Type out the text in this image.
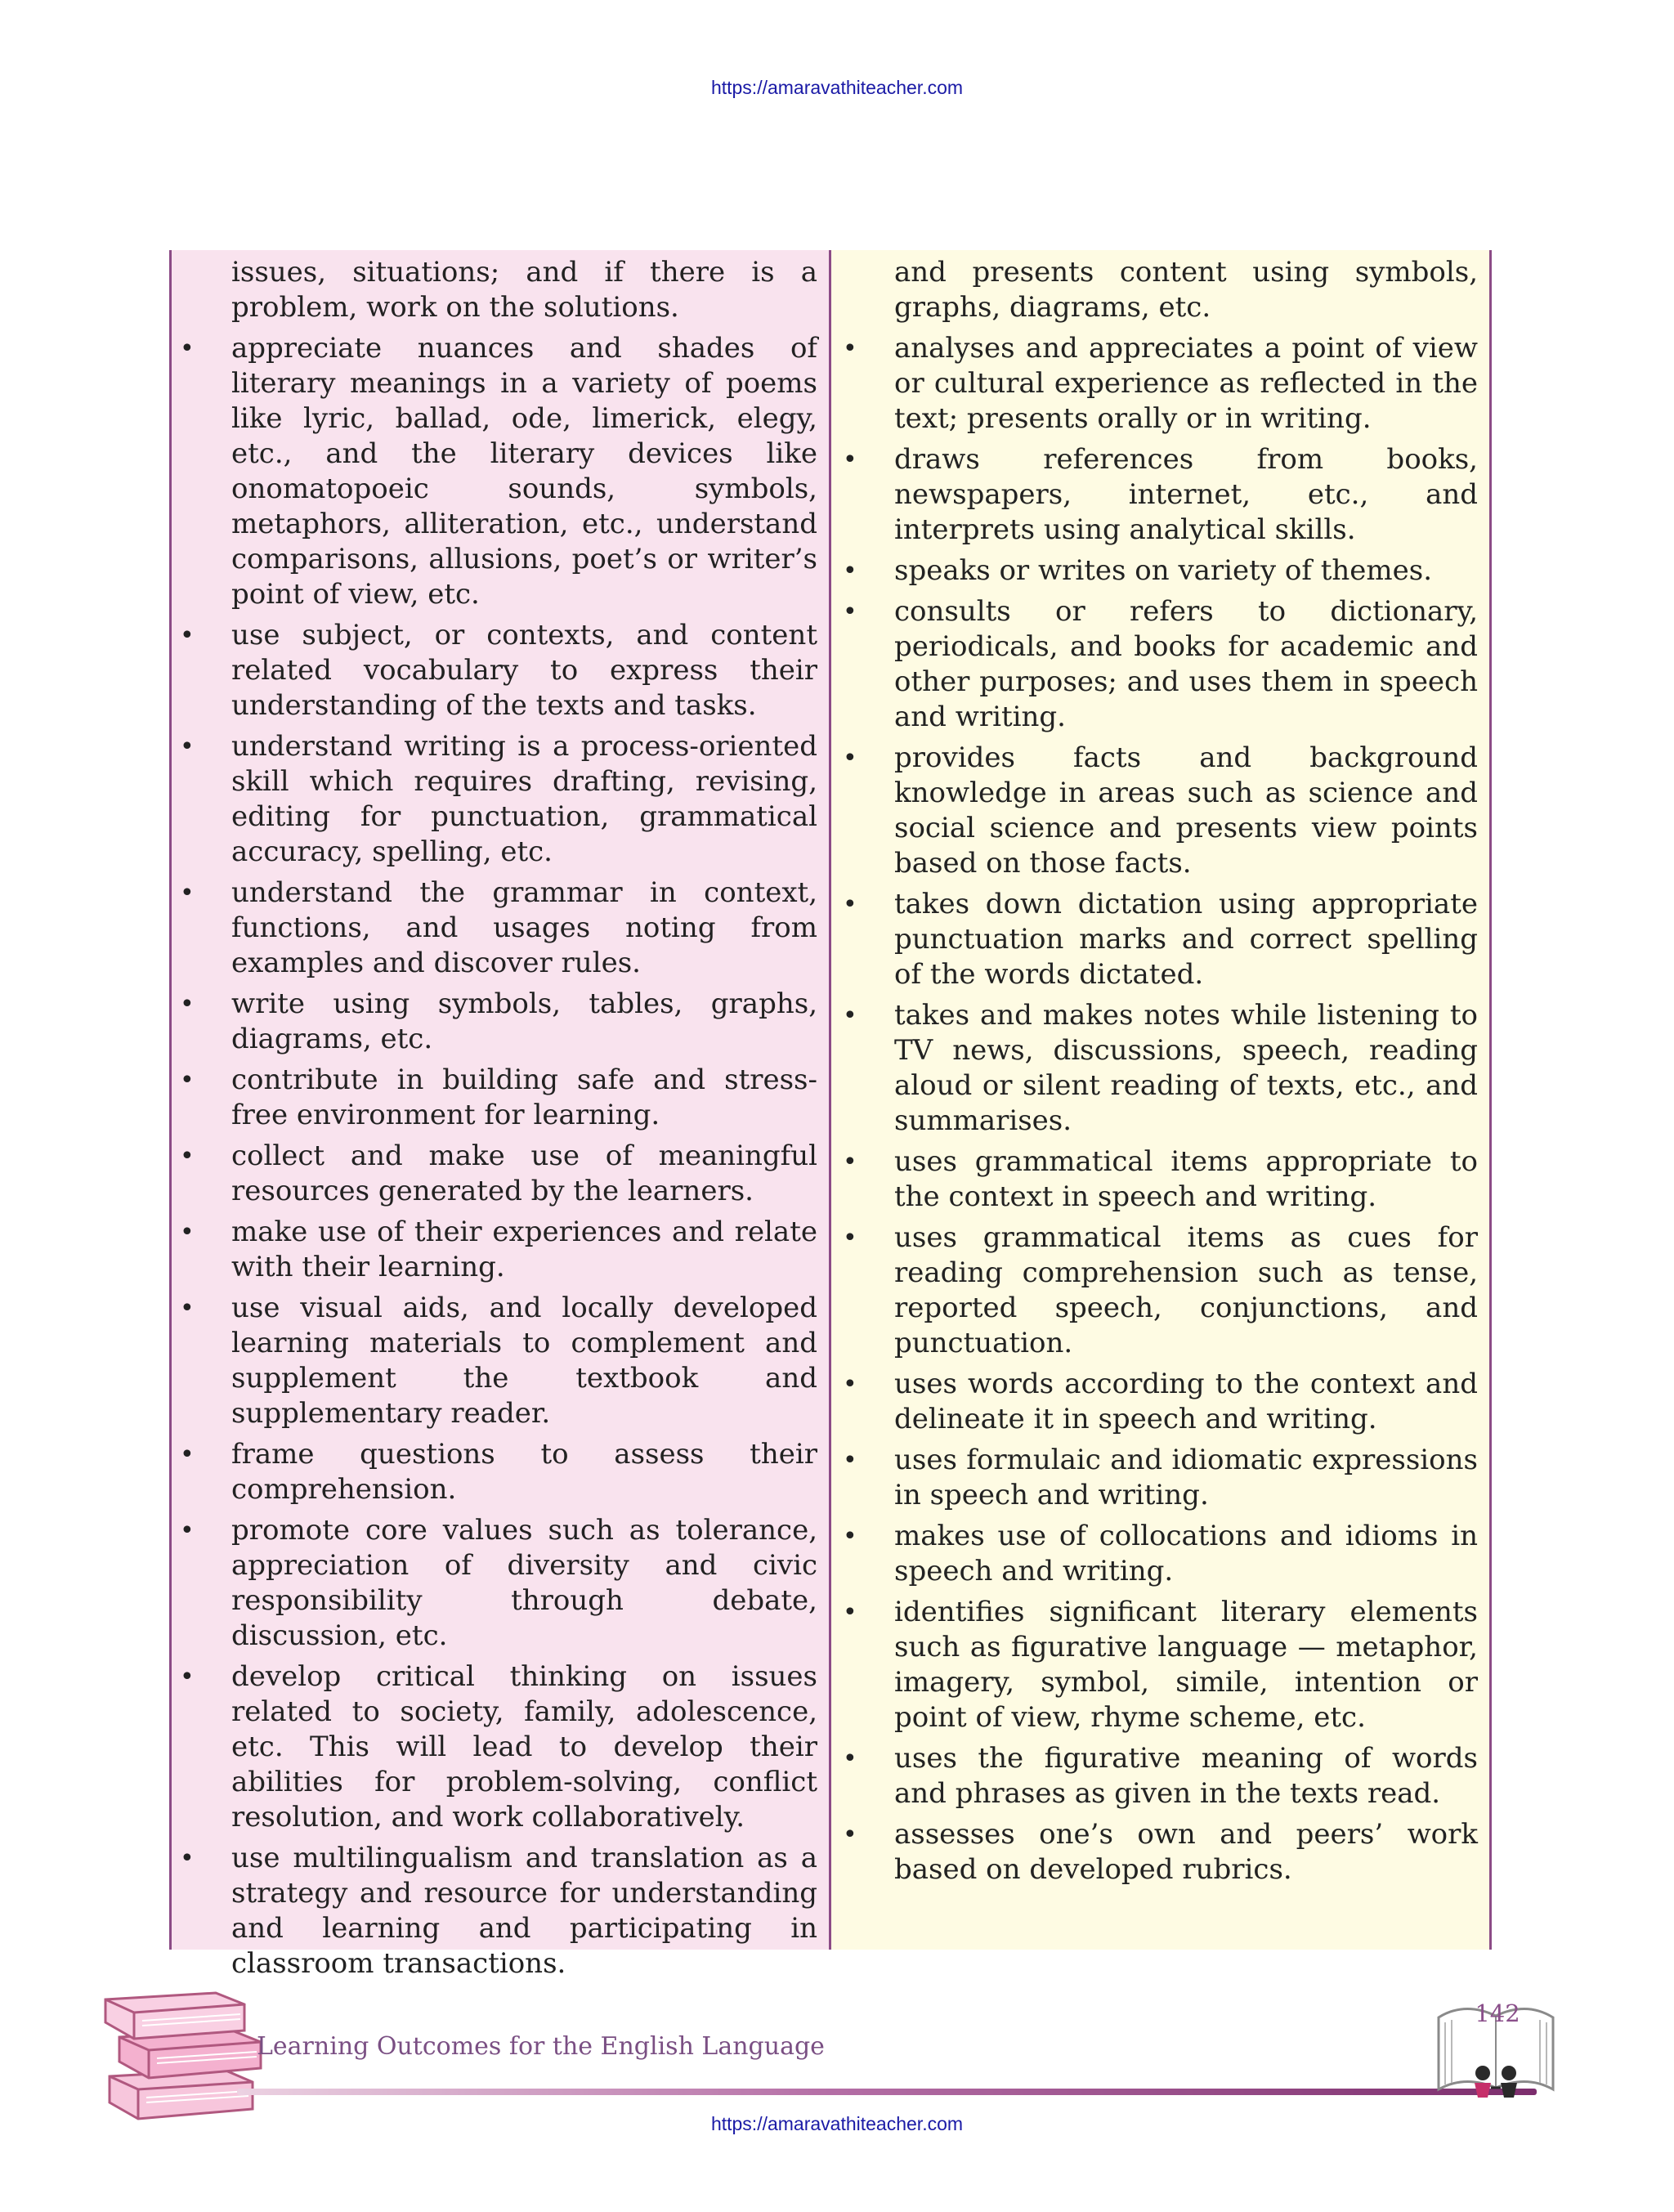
https://amaravathiteacher.com
issues, situations; and if there is a problem, work on the solutions.
• appreciate nuances and shades of literary meanings in a variety of poems like lyric, ballad, ode, limerick, elegy, etc., and the literary devices like onomatopoeic sounds, symbols, metaphors, alliteration, etc., understand comparisons, allusions, poet’s or writer’s point of view, etc.
• use subject, or contexts, and content related vocabulary to express their understanding of the texts and tasks.
• understand writing is a process-oriented skill which requires drafting, revising, editing for punctuation, grammatical accuracy, spelling, etc.
• understand the grammar in context, functions, and usages noting from examples and discover rules.
• write using symbols, tables, graphs, diagrams, etc.
• contribute in building safe and stress-free environment for learning.
• collect and make use of meaningful resources generated by the learners.
• make use of their experiences and relate with their learning.
• use visual aids, and locally developed learning materials to complement and supplement the textbook and supplementary reader.
• frame questions to assess their comprehension.
• promote core values such as tolerance, appreciation of diversity and civic responsibility through debate, discussion, etc.
• develop critical thinking on issues related to society, family, adolescence, etc. This will lead to develop their abilities for problem-solving, conflict resolution, and work collaboratively.
• use multilingualism and translation as a strategy and resource for understanding and learning and participating in classroom transactions.
and presents content using symbols, graphs, diagrams, etc.
• analyses and appreciates a point of view or cultural experience as reflected in the text; presents orally or in writing.
• draws references from books, newspapers, internet, etc., and interprets using analytical skills.
• speaks or writes on variety of themes.
• consults or refers to dictionary, periodicals, and books for academic and other purposes; and uses them in speech and writing.
• provides facts and background knowledge in areas such as science and social science and presents view points based on those facts.
• takes down dictation using appropriate punctuation marks and correct spelling of the words dictated.
• takes and makes notes while listening to TV news, discussions, speech, reading aloud or silent reading of texts, etc., and summarises.
• uses grammatical items appropriate to the context in speech and writing.
• uses grammatical items as cues for reading comprehension such as tense, reported speech, conjunctions, and punctuation.
• uses words according to the context and delineate it in speech and writing.
• uses formulaic and idiomatic expressions in speech and writing.
• makes use of collocations and idioms in speech and writing.
• identifies significant literary elements such as figurative language — metaphor, imagery, symbol, simile, intention or point of view, rhyme scheme, etc.
• uses the figurative meaning of words and phrases as given in the texts read.
• assesses one’s own and peers’ work based on developed rubrics.
Learning Outcomes for the English Language
142
https://amaravathiteacher.com
